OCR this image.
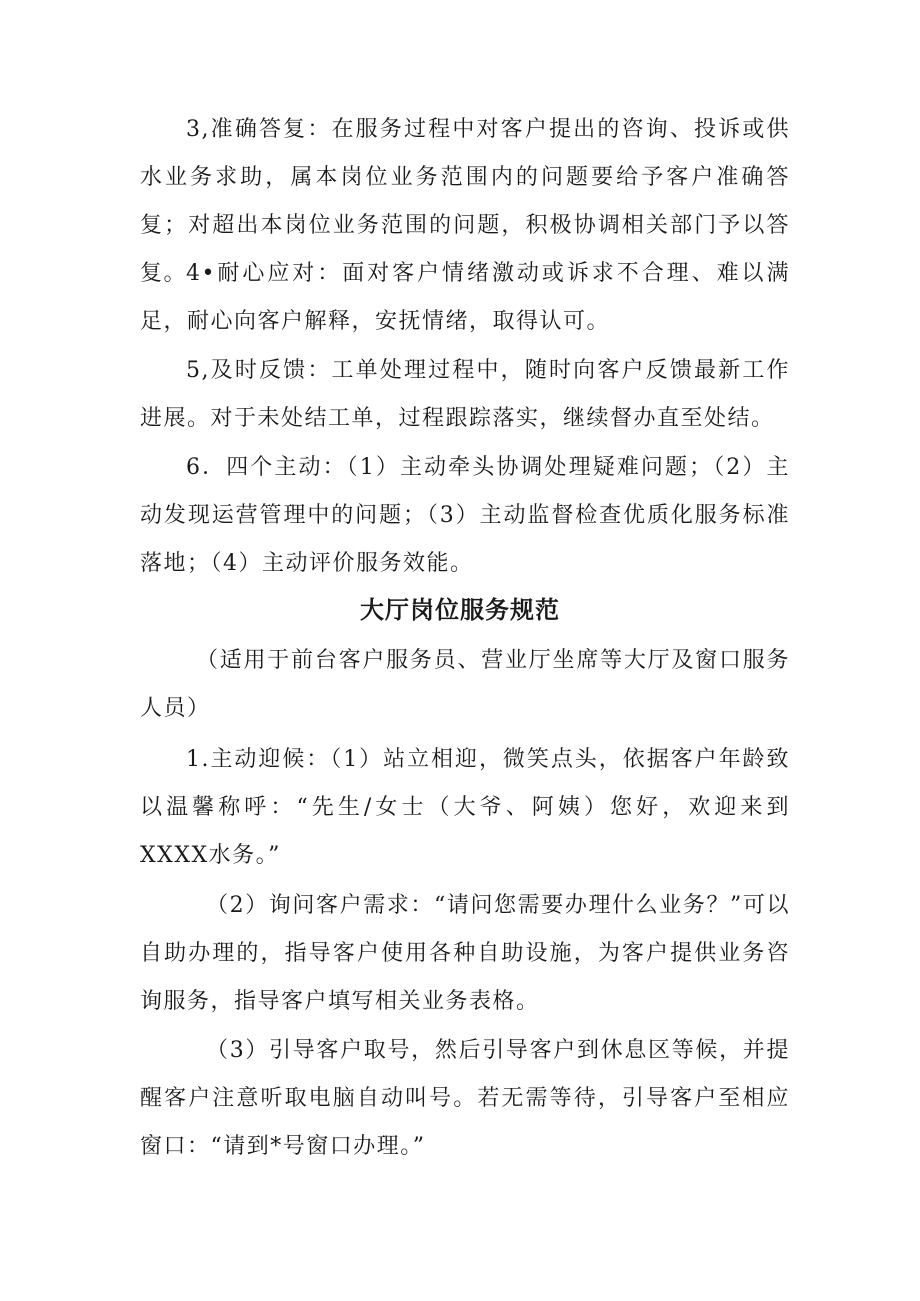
3,准确答复：在服务过程中对客户提出的咨询、投诉或供水业务求助，属本岗位业务范围内的问题要给予客户准确答复；对超出本岗位业务范围的问题，积极协调相关部门予以答复。

4•耐心应对：面对客户情绪激动或诉求不合理、难以满足，耐心向客户解释，安抚情绪，取得认可。

5,及时反馈：工单处理过程中，随时向客户反馈最新工作进展。对于未处结工单，过程跟踪落实，继续督办直至处结。

6．四个主动：（1）主动牵头协调处理疑难问题；（2）主动发现运营管理中的问题；（3）主动监督检查优质化服务标准落地；（4）主动评价服务效能。

大厅岗位服务规范

（适用于前台客户服务员、营业厅坐席等大厅及窗口服务人员）

1.主动迎候：（1）站立相迎，微笑点头，依据客户年龄致以温馨称呼：“先生/女士（大爷、阿姨）您好，欢迎来到XXXX水务。”

（2）询问客户需求：“请问您需要办理什么业务？”可以自助办理的，指导客户使用各种自助设施，为客户提供业务咨询服务，指导客户填写相关业务表格。

（3）引导客户取号，然后引导客户到休息区等候，并提醒客户注意听取电脑自动叫号。若无需等待，引导客户至相应窗口：“请到*号窗口办理。”
